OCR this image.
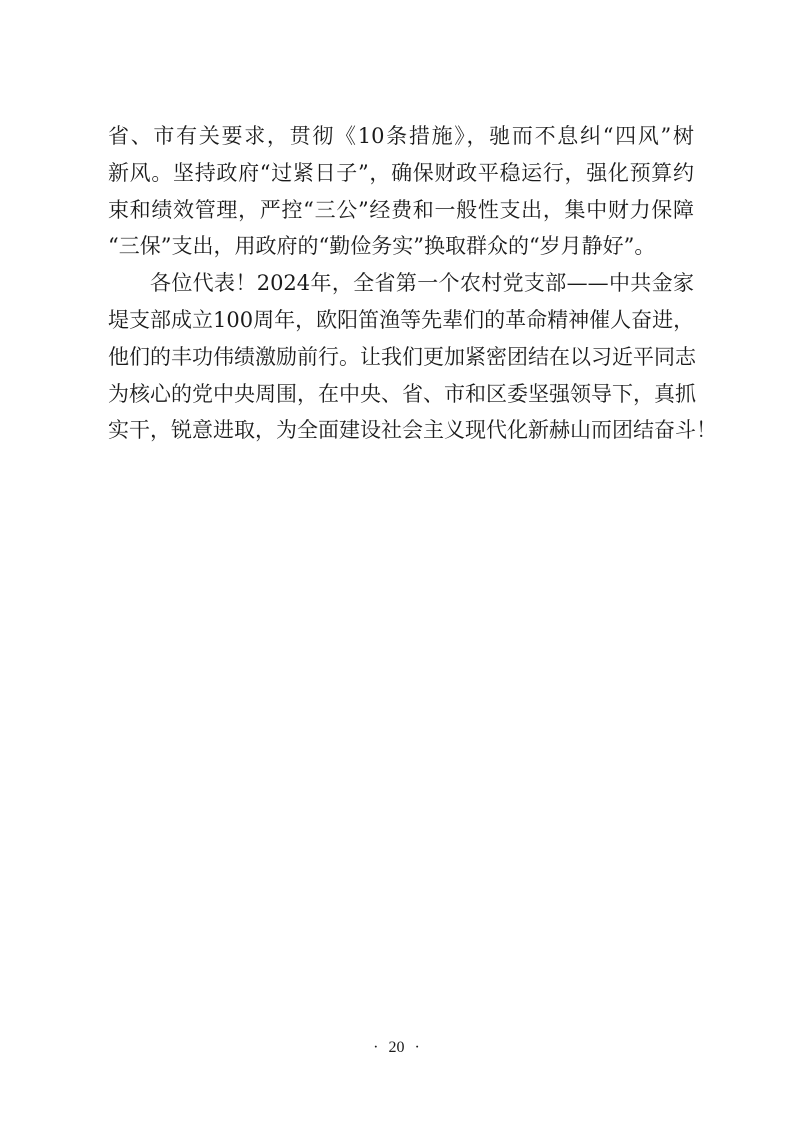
省、市有关要求，贯彻《10条措施》，驰而不息纠“四风”树
新风。坚持政府“过紧日子”，确保财政平稳运行，强化预算约
束和绩效管理，严控“三公”经费和一般性支出，集中财力保障
“三保”支出，用政府的“勤俭务实”换取群众的“岁月静好”。
各位代表！2024年，全省第一个农村党支部——中共金家
堤支部成立100周年，欧阳笛渔等先辈们的革命精神催人奋进，
他们的丰功伟绩激励前行。让我们更加紧密团结在以习近平同志
为核心的党中央周围，在中央、省、市和区委坚强领导下，真抓
实干，锐意进取，为全面建设社会主义现代化新赫山而团结奋斗！
· 20 ·
